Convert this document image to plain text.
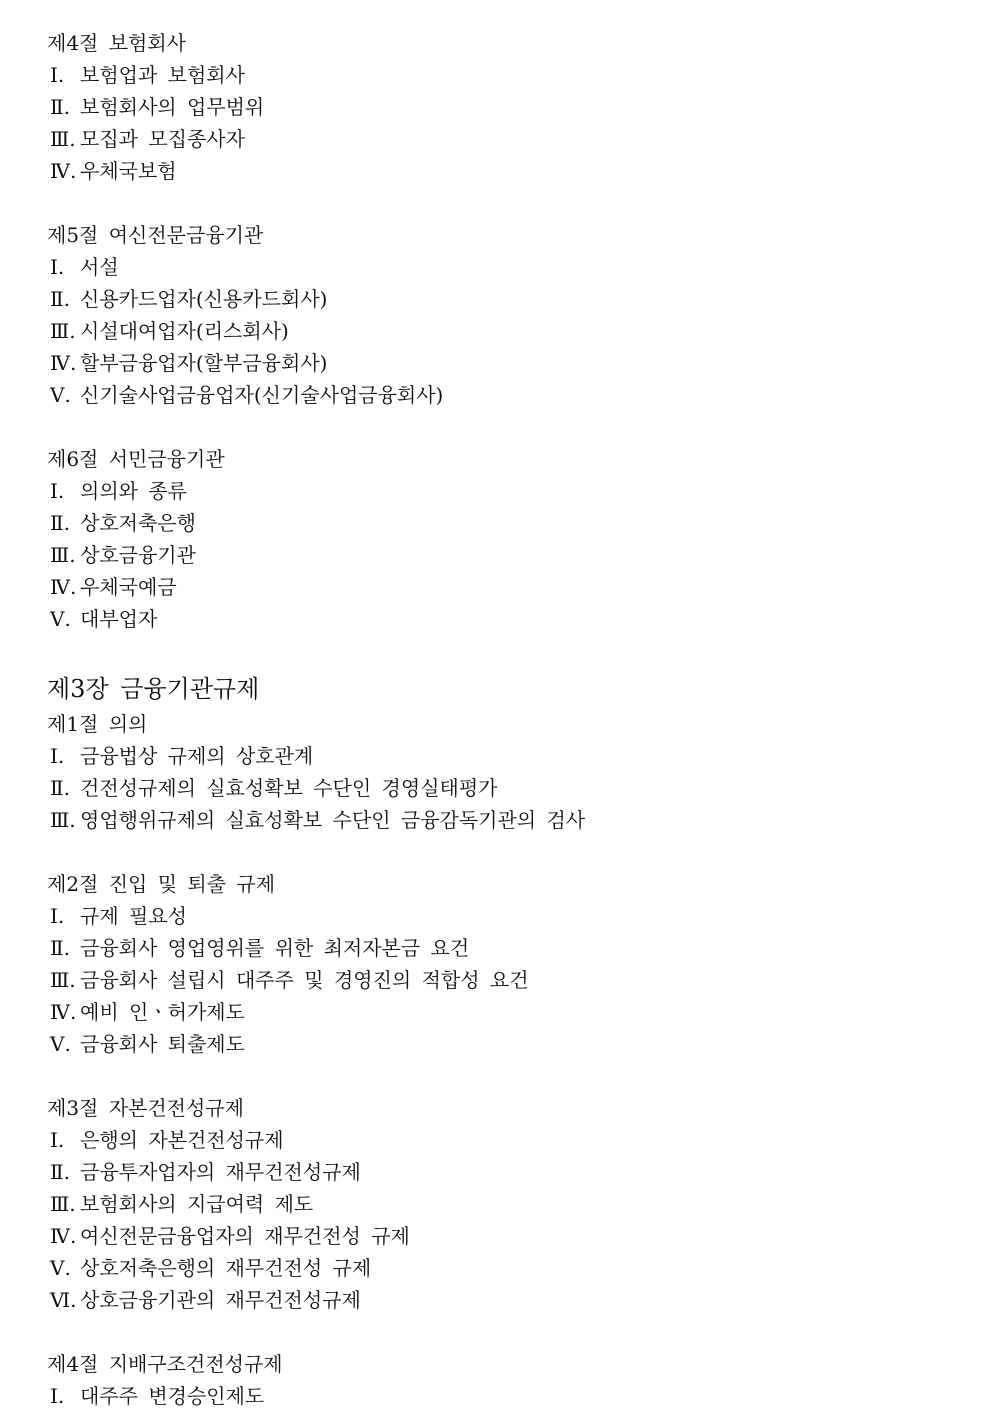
제4절 보험회사
Ⅰ. 보험업과 보험회사
Ⅱ. 보험회사의 업무범위
Ⅲ. 모집과 모집종사자
Ⅳ. 우체국보험
제5절 여신전문금융기관
Ⅰ. 서설
Ⅱ. 신용카드업자(신용카드회사)
Ⅲ. 시설대여업자(리스회사)
Ⅳ. 할부금융업자(할부금융회사)
Ⅴ. 신기술사업금융업자(신기술사업금융회사)
제6절 서민금융기관
Ⅰ. 의의와 종류
Ⅱ. 상호저축은행
Ⅲ. 상호금융기관
Ⅳ. 우체국예금
Ⅴ. 대부업자
제3장 금융기관규제
제1절 의의
Ⅰ. 금융법상 규제의 상호관계
Ⅱ. 건전성규제의 실효성확보 수단인 경영실태평가
Ⅲ. 영업행위규제의 실효성확보 수단인 금융감독기관의 검사
제2절 진입 및 퇴출 규제
Ⅰ. 규제 필요성
Ⅱ. 금융회사 영업영위를 위한 최저자본금 요건
Ⅲ. 금융회사 설립시 대주주 및 경영진의 적합성 요건
Ⅳ. 예비 인ㆍ허가제도
Ⅴ. 금융회사 퇴출제도
제3절 자본건전성규제
Ⅰ. 은행의 자본건전성규제
Ⅱ. 금융투자업자의 재무건전성규제
Ⅲ. 보험회사의 지급여력 제도
Ⅳ. 여신전문금융업자의 재무건전성 규제
Ⅴ. 상호저축은행의 재무건전성 규제
Ⅵ. 상호금융기관의 재무건전성규제
제4절 지배구조건전성규제
Ⅰ. 대주주 변경승인제도
